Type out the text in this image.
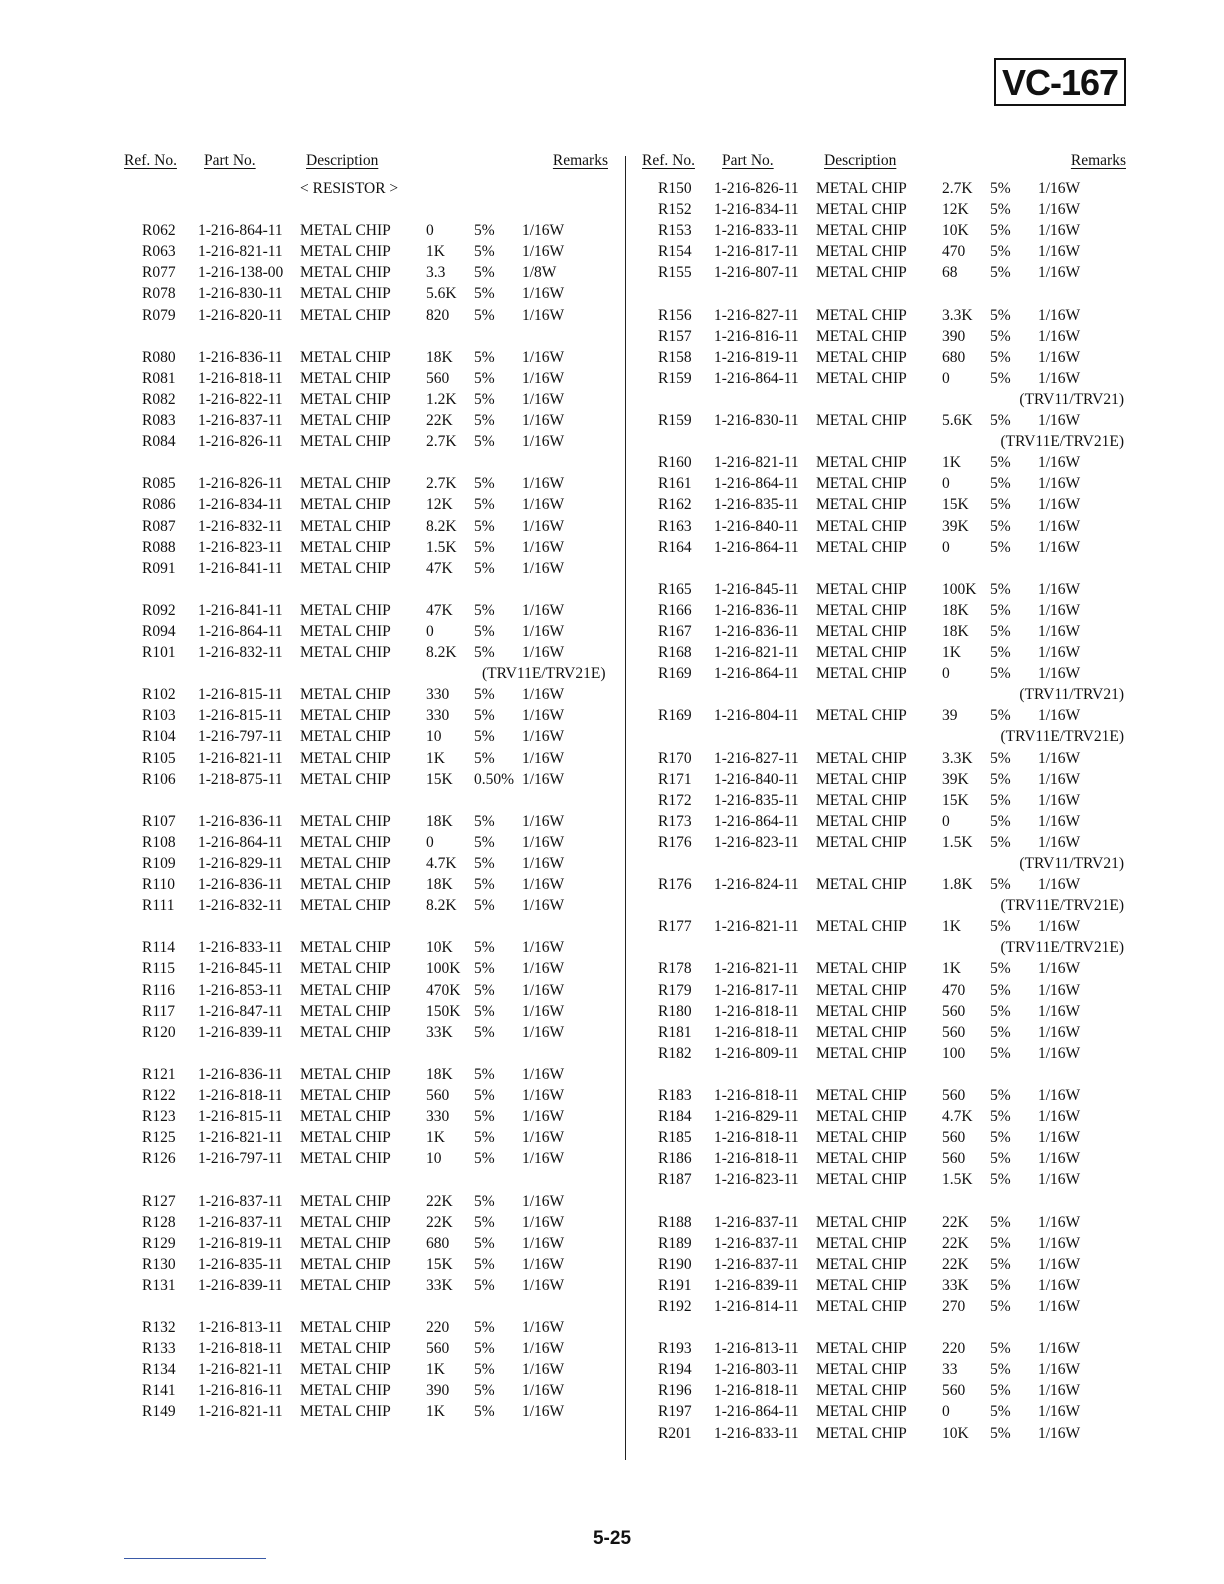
VC-167
Ref. No. Part No.	Description	Remarks
< RESISTOR >
R062 1-216-864-11 METAL CHIP 0	5% 1/16W
R063 1-216-821-11 METAL CHIP 1K 5% 1/16W
R077 1-216-138-00 METAL CHIP 3.3 5% 1/8W
R078 1-216-830-11 METAL CHIP 5.6K 5% 1/16W
R079 1-216-820-11 METAL CHIP 820 5% 1/16W
R080 1-216-836-11 METAL CHIP 18K 5% 1/16W
R081 1-216-818-11 METAL CHIP 560 5% 1/16W
R082 1-216-822-11 METAL CHIP 1.2K 5% 1/16W
R083 1-216-837-11 METAL CHIP 22K 5% 1/16W
R084 1-216-826-11 METAL CHIP 2.7K 5% 1/16W
R085 1-216-826-11 METAL CHIP 2.7K 5% 1/16W
R086 1-216-834-11 METAL CHIP 12K 5% 1/16W
R087 1-216-832-11 METAL CHIP 8.2K 5% 1/16W
R088 1-216-823-11 METAL CHIP 1.5K 5% 1/16W
R091 1-216-841-11 METAL CHIP 47K 5% 1/16W
R092 1-216-841-11 METAL CHIP 47K 5% 1/16W
R094 1-216-864-11 METAL CHIP 0	5% 1/16W
R101 1-216-832-11 METAL CHIP 8.2K 5% 1/16W
(TRV11E/TRV21E)
R102 1-216-815-11 METAL CHIP 330 5% 1/16W
R103 1-216-815-11 METAL CHIP 330 5% 1/16W
R104 1-216-797-11 METAL CHIP 10 5% 1/16W
R105 1-216-821-11 METAL CHIP 1K 5% 1/16W
R106 1-218-875-11 METAL CHIP 15K 0.50% 1/16W
R107 1-216-836-11 METAL CHIP 18K 5% 1/16W
R108 1-216-864-11 METAL CHIP 0	5% 1/16W
R109 1-216-829-11 METAL CHIP 4.7K 5% 1/16W
R110 1-216-836-11 METAL CHIP 18K 5% 1/16W
R111 1-216-832-11 METAL CHIP 8.2K 5% 1/16W
R114 1-216-833-11 METAL CHIP 10K 5% 1/16W
R115 1-216-845-11 METAL CHIP 100K 5% 1/16W
R116 1-216-853-11 METAL CHIP 470K 5% 1/16W
R117 1-216-847-11 METAL CHIP 150K 5% 1/16W
R120 1-216-839-11 METAL CHIP 33K 5% 1/16W
R121 1-216-836-11 METAL CHIP 18K 5% 1/16W
R122 1-216-818-11 METAL CHIP 560 5% 1/16W
R123 1-216-815-11 METAL CHIP 330 5% 1/16W
R125 1-216-821-11 METAL CHIP 1K 5% 1/16W
R126 1-216-797-11 METAL CHIP 10 5% 1/16W
R127 1-216-837-11 METAL CHIP 22K 5% 1/16W
R128 1-216-837-11 METAL CHIP 22K 5% 1/16W
R129 1-216-819-11 METAL CHIP 680 5% 1/16W
R130 1-216-835-11 METAL CHIP 15K 5% 1/16W
R131 1-216-839-11 METAL CHIP 33K 5% 1/16W
R132 1-216-813-11 METAL CHIP 220 5% 1/16W
R133 1-216-818-11 METAL CHIP 560 5% 1/16W
R134 1-216-821-11 METAL CHIP 1K 5% 1/16W
R141 1-216-816-11 METAL CHIP 390 5% 1/16W
R149 1-216-821-11 METAL CHIP 1K 5% 1/16W
Ref. No. Part No.	Description	Remarks
R150 1-216-826-11 METAL CHIP 2.7K 5% 1/16W
R152 1-216-834-11 METAL CHIP 12K 5% 1/16W
R153 1-216-833-11 METAL CHIP 10K 5% 1/16W
R154 1-216-817-11 METAL CHIP 470 5% 1/16W
R155 1-216-807-11 METAL CHIP 68 5% 1/16W
R156 1-216-827-11 METAL CHIP 3.3K 5% 1/16W
R157 1-216-816-11 METAL CHIP 390 5% 1/16W
R158 1-216-819-11 METAL CHIP 680 5% 1/16W
R159 1-216-864-11 METAL CHIP 0	5% 1/16W
(TRV11/TRV21)
R159 1-216-830-11 METAL CHIP 5.6K 5% 1/16W
(TRV11E/TRV21E)
R160 1-216-821-11 METAL CHIP 1K 5% 1/16W
R161 1-216-864-11 METAL CHIP 0	5% 1/16W
R162 1-216-835-11 METAL CHIP 15K 5% 1/16W
R163 1-216-840-11 METAL CHIP 39K 5% 1/16W
R164 1-216-864-11 METAL CHIP 0	5% 1/16W
R165 1-216-845-11 METAL CHIP 100K 5% 1/16W
R166 1-216-836-11 METAL CHIP 18K 5% 1/16W
R167 1-216-836-11 METAL CHIP 18K 5% 1/16W
R168 1-216-821-11 METAL CHIP 1K 5% 1/16W
R169 1-216-864-11 METAL CHIP 0	5% 1/16W
(TRV11/TRV21)
R169 1-216-804-11 METAL CHIP 39 5% 1/16W
(TRV11E/TRV21E)
R170 1-216-827-11 METAL CHIP 3.3K 5% 1/16W
R171 1-216-840-11 METAL CHIP 39K 5% 1/16W
R172 1-216-835-11 METAL CHIP 15K 5% 1/16W
R173 1-216-864-11 METAL CHIP 0	5% 1/16W
R176 1-216-823-11 METAL CHIP 1.5K 5% 1/16W
(TRV11/TRV21)
R176 1-216-824-11 METAL CHIP 1.8K 5% 1/16W
(TRV11E/TRV21E)
R177 1-216-821-11 METAL CHIP 1K 5% 1/16W
(TRV11E/TRV21E)
R178 1-216-821-11 METAL CHIP 1K 5% 1/16W
R179 1-216-817-11 METAL CHIP 470 5% 1/16W
R180 1-216-818-11 METAL CHIP 560 5% 1/16W
R181 1-216-818-11 METAL CHIP 560 5% 1/16W
R182 1-216-809-11 METAL CHIP 100 5% 1/16W
R183 1-216-818-11 METAL CHIP 560 5% 1/16W
R184 1-216-829-11 METAL CHIP 4.7K 5% 1/16W
R185 1-216-818-11 METAL CHIP 560 5% 1/16W
R186 1-216-818-11 METAL CHIP 560 5% 1/16W
R187 1-216-823-11 METAL CHIP 1.5K 5% 1/16W
R188 1-216-837-11 METAL CHIP 22K 5% 1/16W
R189 1-216-837-11 METAL CHIP 22K 5% 1/16W
R190 1-216-837-11 METAL CHIP 22K 5% 1/16W
R191 1-216-839-11 METAL CHIP 33K 5% 1/16W
R192 1-216-814-11 METAL CHIP 270 5% 1/16W
R193 1-216-813-11 METAL CHIP 220 5% 1/16W
R194 1-216-803-11 METAL CHIP 33 5% 1/16W
R196 1-216-818-11 METAL CHIP 560 5% 1/16W
R197 1-216-864-11 METAL CHIP 0	5% 1/16W
R201 1-216-833-11 METAL CHIP 10K 5% 1/16W
5-25
